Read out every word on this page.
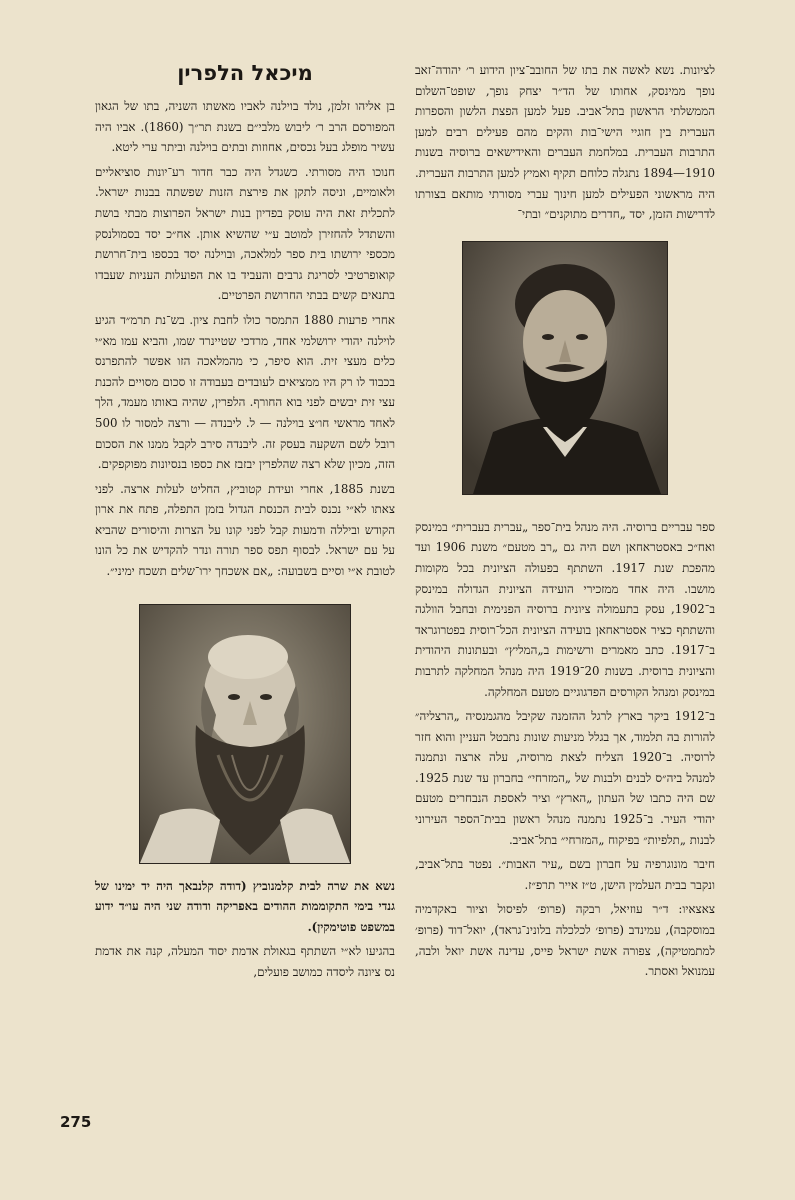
לציונות. נשא לאשה את בתו של החובב־ציון הידוע ר׳ יהודה־זאב נופך ממינסק, אחותו של הד״ר יצחק נופך, שופט־השלום הממשלתי הראשון בתל־אביב. פעל למען הפצת הלשון והספרות העברית בין חוגיי הישי־בות והקים מהם פעילים רבים למען התרבות העברית. במלחמת העברים והאידישאים ברוסיה בשנות 1910—1894 נתגלה כלוחם תקיף ואמיץ למען התרבות העברית. היה מראשוני הפעילים למען חינוך עברי מסורתי מותאם בצורתו לדרישות הזמן, יסד „חדרים מתוקנים״ ובתי־

ספר עבריים ברוסיה. היה מנהל בית־ספר „עברית בעברית״ במינסק ואח״כ באסטראחאן ושם היה גם „רב מטעם״ משנת 1906 ועד מהפכת שנת 1917. השתתף בפעולה הציונית בכל מקומות מושבו. היה אחד ממזכירי הועידה הציונית הגדולה במינסק ב־1902, עסק בתעמולה ציונית ברוסיה הפנימית ובחבל הוולגה והשתתף כציר אסטראחאן בועידה הציונית הכל־רוסית בפטרוגראד ב־1917. כתב מאמרים ורשימות ב„המליץ״ ובעתונות היהודית והציונית ברוסית. בשנות 20־1919 היה מנהל המחלקה לתרבות במינסק ומנהל הקורסים הפדגוגיים מטעם המחלקה.

ב־1912 ביקר בארץ לרגל ההזמנה שקיבל מהגמנסיה „הרצליה״ להורות בה תלמוד, אך בגלל מניעות שונות נתבטל העניין והוא חזר לרוסיה. ב־1920 הצליח לצאת מרוסיה, עלה ארצה ונתמנה למנהל ביה״ס לבנים ולבנות של „המזרחי״ בחברון עד שנת 1925. שם היה כתבו של העתון „הארץ״ וציר לאספת הנבחרים מטעם יהודי העיר. ב־1925 נתמנה מנהל ראשון בבית־הספר העירוני לבנות „תלפיות״ בפיקוח „המזרחי״ בתל־אביב.

חיבר מונוגרפיה על חברון בשם „עיר האבות״. נפטר בתל־אביב, ונקבר בבית העלמין הישן, ט״ז אייר תרפ״ז.

צאצאיו: ד״ר עוזיאל, רבקה (פרופ׳ לפיסול וציור באקדמיה במוסקבה), עמינדב (פרופ׳ לכלכלה בלונינ־גראד), יואל־דוד (פרופ׳ למתמטיקה), צפורה אשת ישראל פייס, עדינה אשת יואל ולבה, עמנואל ואסתר.

מיכאל הלפרין

בן אליהו זלמן, נולד בוילנה לאביו מאשתו השניה, בתו של הגאון המפורסם הרב ר׳ ליבוש מלבי״ם בשנת תר״ך (1860). אביו היה עשיר מופלג בעל נכסים, אחוזות ובתים בוילנה וביתר ערי ליטא.

חנוכו היה מסורתי. כשגדל היה כבר חדור רע־יונות סוציאליים ולאומיים, וניסה לתקן את פירצת הזנות שפשתה בבנות ישראל. לתכלית זאת היה עוסק בפדיון בנות ישראל הפרוצות מבתי בושת והשתדל להחזירן למוטב ע״י שהשיא אותן. אח״כ יסד בסמולנסק מכספי ירושתו בית ספר למלאכה, ובוילנה יסד בכספו בית־חרושת קואופרטיבי לסריגת גרבים והעביד בו את הפועלות העניות שעבדו בתנאים קשים בבתי החרושת הפרטיים.

אחרי פרעות 1880 התמסר כולו לחבת ציון. בש־נת תרמ״ד הגיע לוילנה יהודי ירושלמי אחד, מרדכי שטיינרד שמו, והביא עמו מא״י כלים מעצי זית. הוא סיפר, כי מהמלאכה הזו אפשר להתפרנס בכבוד לו רק היו ממציאים לעובדים בעבודה זו סכום מסויים להכנת עצי זית יבשים לפני בוא החורף. הלפרין, שהיה באותו מעמד, הלך לאחד מראשי חו״צ בוילנה — ל. ליבנדה — ורצה למסור לו 500 רובל לשם השקעה בעסק זה. ליבנדה סירב לקבל ממנו את הסכום הזה, מכיון שלא רצה שהלפרין יבזבז את כספו בנסיונות מפוקפקים.

בשנת 1885, אחרי ועידת קטוביץ, החליט לעלות ארצה. לפני צאתו לא״י נכנס לבית הכנסת הגדול בזמן התפלה, פתח את ארון הקודש וביללה ודמעות קבל לפני קונו על הצרות והיסורים שהביא על עם ישראל. לבסוף תפס ספר תורה ונדר להקדיש את כל הונו לטובת א״י וסיים בשבועה: „אם אשכחך ירו־שלים תשכח ימיני״.

נשא את שרה לבית קלמנוביץ (דודה קלנבאך היה יד ימינו של גנדי בימי התקוממות ההודים באפריקה ודודה שני היה עו״ד ידוע במשפט פוטימקין).

בהגיעו לא״י השתתף בגאולת אדמת יסוד המעלה, קנה את אדמת נס ציונה ליסדה כמושב פועלים,

275
